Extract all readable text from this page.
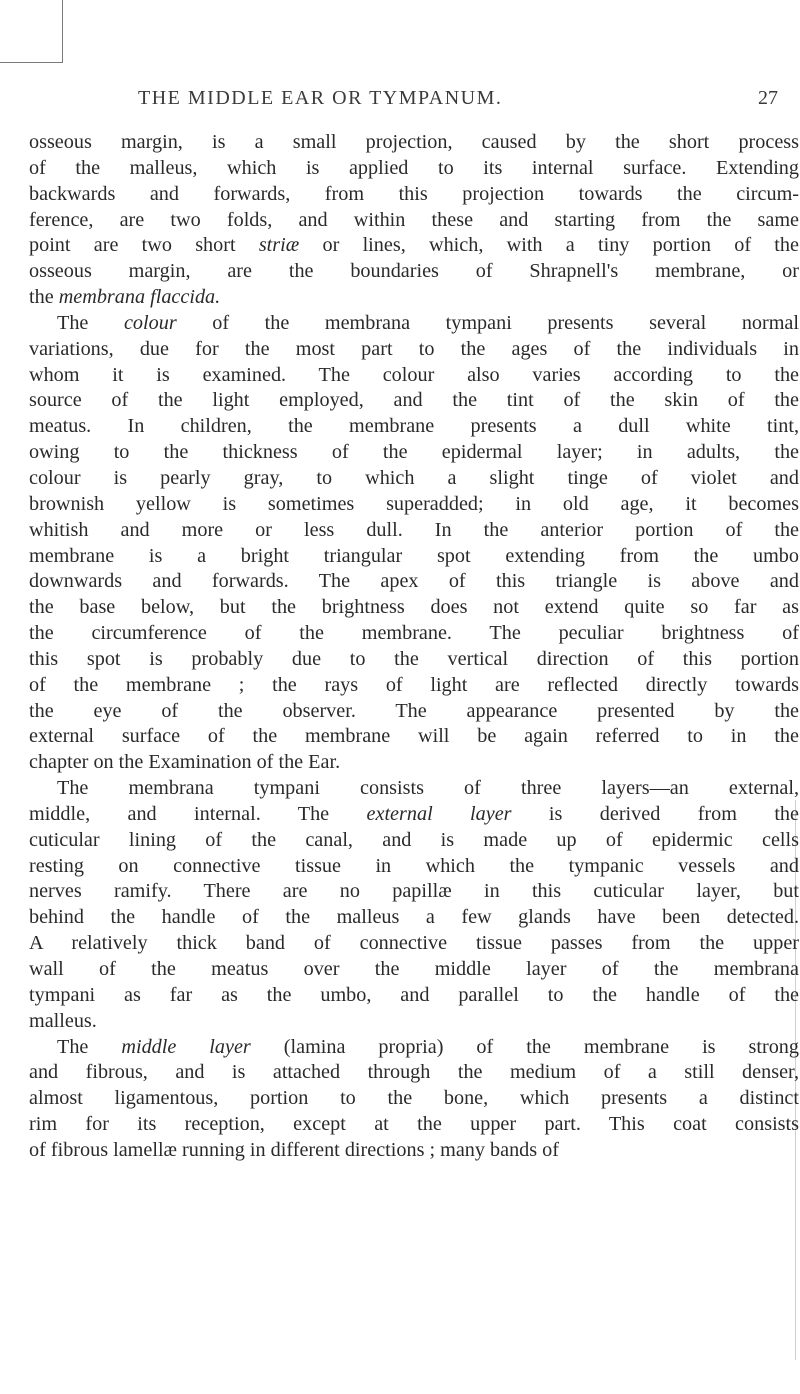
THE MIDDLE EAR OR TYMPANUM.	27
osseous margin, is a small projection, caused by the short process
of the malleus, which is applied to its internal surface. Extending
backwards and forwards, from this projection towards the circum-
ference, are two folds, and within these and starting from the same
point are two short striæ or lines, which, with a tiny portion of the
osseous margin, are the boundaries of Shrapnell's membrane, or
the membrana flaccida.
The colour of the membrana tympani presents several normal
variations, due for the most part to the ages of the individuals in
whom it is examined. The colour also varies according to the
source of the light employed, and the tint of the skin of the
meatus. In children, the membrane presents a dull white tint,
owing to the thickness of the epidermal layer; in adults, the
colour is pearly gray, to which a slight tinge of violet and
brownish yellow is sometimes superadded; in old age, it becomes
whitish and more or less dull. In the anterior portion of the
membrane is a bright triangular spot extending from the umbo
downwards and forwards. The apex of this triangle is above and
the base below, but the brightness does not extend quite so far as
the circumference of the membrane. The peculiar brightness of
this spot is probably due to the vertical direction of this portion
of the membrane ; the rays of light are reflected directly towards
the eye of the observer. The appearance presented by the
external surface of the membrane will be again referred to in the
chapter on the Examination of the Ear.
The membrana tympani consists of three layers—an external,
middle, and internal. The external layer is derived from the
cuticular lining of the canal, and is made up of epidermic cells
resting on connective tissue in which the tympanic vessels and
nerves ramify. There are no papillæ in this cuticular layer, but
behind the handle of the malleus a few glands have been detected.
A relatively thick band of connective tissue passes from the upper
wall of the meatus over the middle layer of the membrana
tympani as far as the umbo, and parallel to the handle of the
malleus.
The middle layer (lamina propria) of the membrane is strong
and fibrous, and is attached through the medium of a still denser,
almost ligamentous, portion to the bone, which presents a distinct
rim for its reception, except at the upper part. This coat consists
of fibrous lamellæ running in different directions ; many bands of
